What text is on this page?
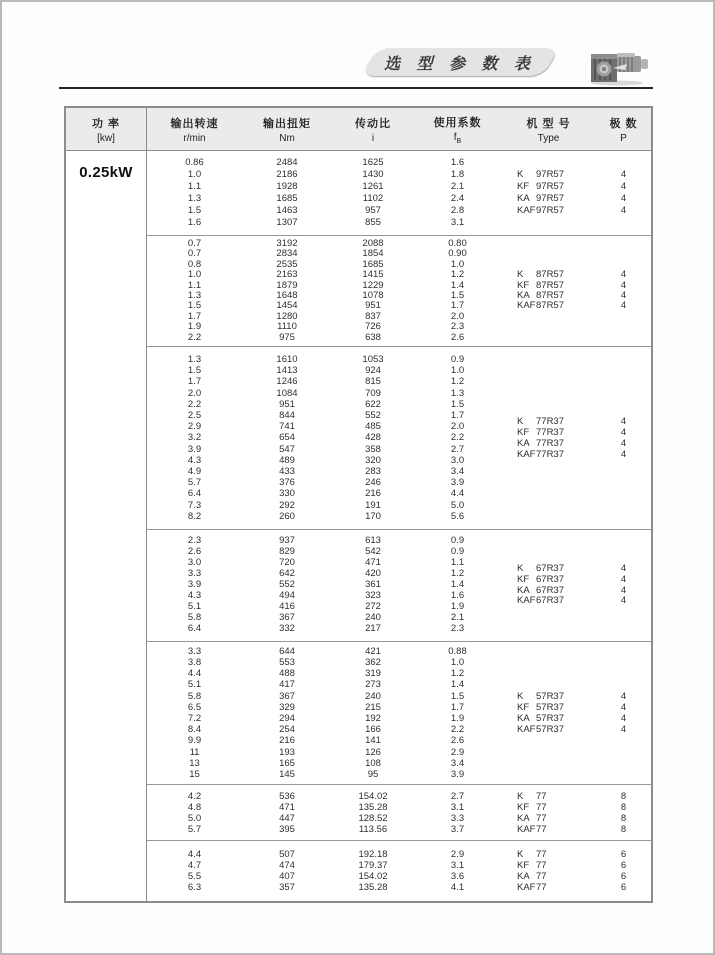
选 型 参 数 表
功 率
[kw]
输出转速
r/min
输出扭矩
Nm
传动比
i
使用系数
$f_B$
机 型 号
Type
极 数
P
0.25kW
0.86
1.0
1.1
1.3
1.5
1.6
2484
2186
1928
1685
1463
1307
1625
1430
1261
1102
957
855
1.6
1.8
2.1
2.4
2.8
3.1
K 97R57
KF 97R57
KA 97R57
KAF97R57
4
4
4
4
0.7
0.7
0.8
1.0
1.1
1.3
1.5
1.7
1.9
2.2
3192
2834
2535
2163
1879
1648
1454
1280
1110
975
2088
1854
1685
1415
1229
1078
951
837
726
638
0.80
0.90
1.0
1.2
1.4
1.5
1.7
2.0
2.3
2.6
K 87R57
KF 87R57
KA 87R57
KAF87R57
4
4
4
4
1.3
1.5
1.7
2.0
2.2
2.5
2.9
3.2
3.9
4.3
4.9
5.7
6.4
7.3
8.2
1610
1413
1246
1084
951
844
741
654
547
489
433
376
330
292
260
1053
924
815
709
622
552
485
428
358
320
283
246
216
191
170
0.9
1.0
1.2
1.3
1.5
1.7
2.0
2.2
2.7
3.0
3.4
3.9
4.4
5.0
5.6
K 77R37
KF 77R37
KA 77R37
KAF77R37
4
4
4
4
2.3
2.6
3.0
3.3
3.9
4.3
5.1
5.8
6.4
937
829
720
642
552
494
416
367
332
613
542
471
420
361
323
272
240
217
0.9
0.9
1.1
1.2
1.4
1.6
1.9
2.1
2.3
K 67R37
KF 67R37
KA 67R37
KAF67R37
4
4
4
4
3.3
3.8
4.4
5.1
5.8
6.5
7.2
8.4
9.9
11
13
15
644
553
488
417
367
329
294
254
216
193
165
145
421
362
319
273
240
215
192
166
141
126
108
95
0.88
1.0
1.2
1.4
1.5
1.7
1.9
2.2
2.6
2.9
3.4
3.9
K 57R37
KF 57R37
KA 57R37
KAF57R37
4
4
4
4
4.2
4.8
5.0
5.7
536
471
447
395
154.02
135.28
128.52
113.56
2.7
3.1
3.3
3.7
K 77
KF 77
KA 77
KAF77
8
8
8
8
4.4
4.7
5.5
6.3
507
474
407
357
192.18
179.37
154.02
135.28
2.9
3.1
3.6
4.1
K 77
KF 77
KA 77
KAF77
6
6
6
6
